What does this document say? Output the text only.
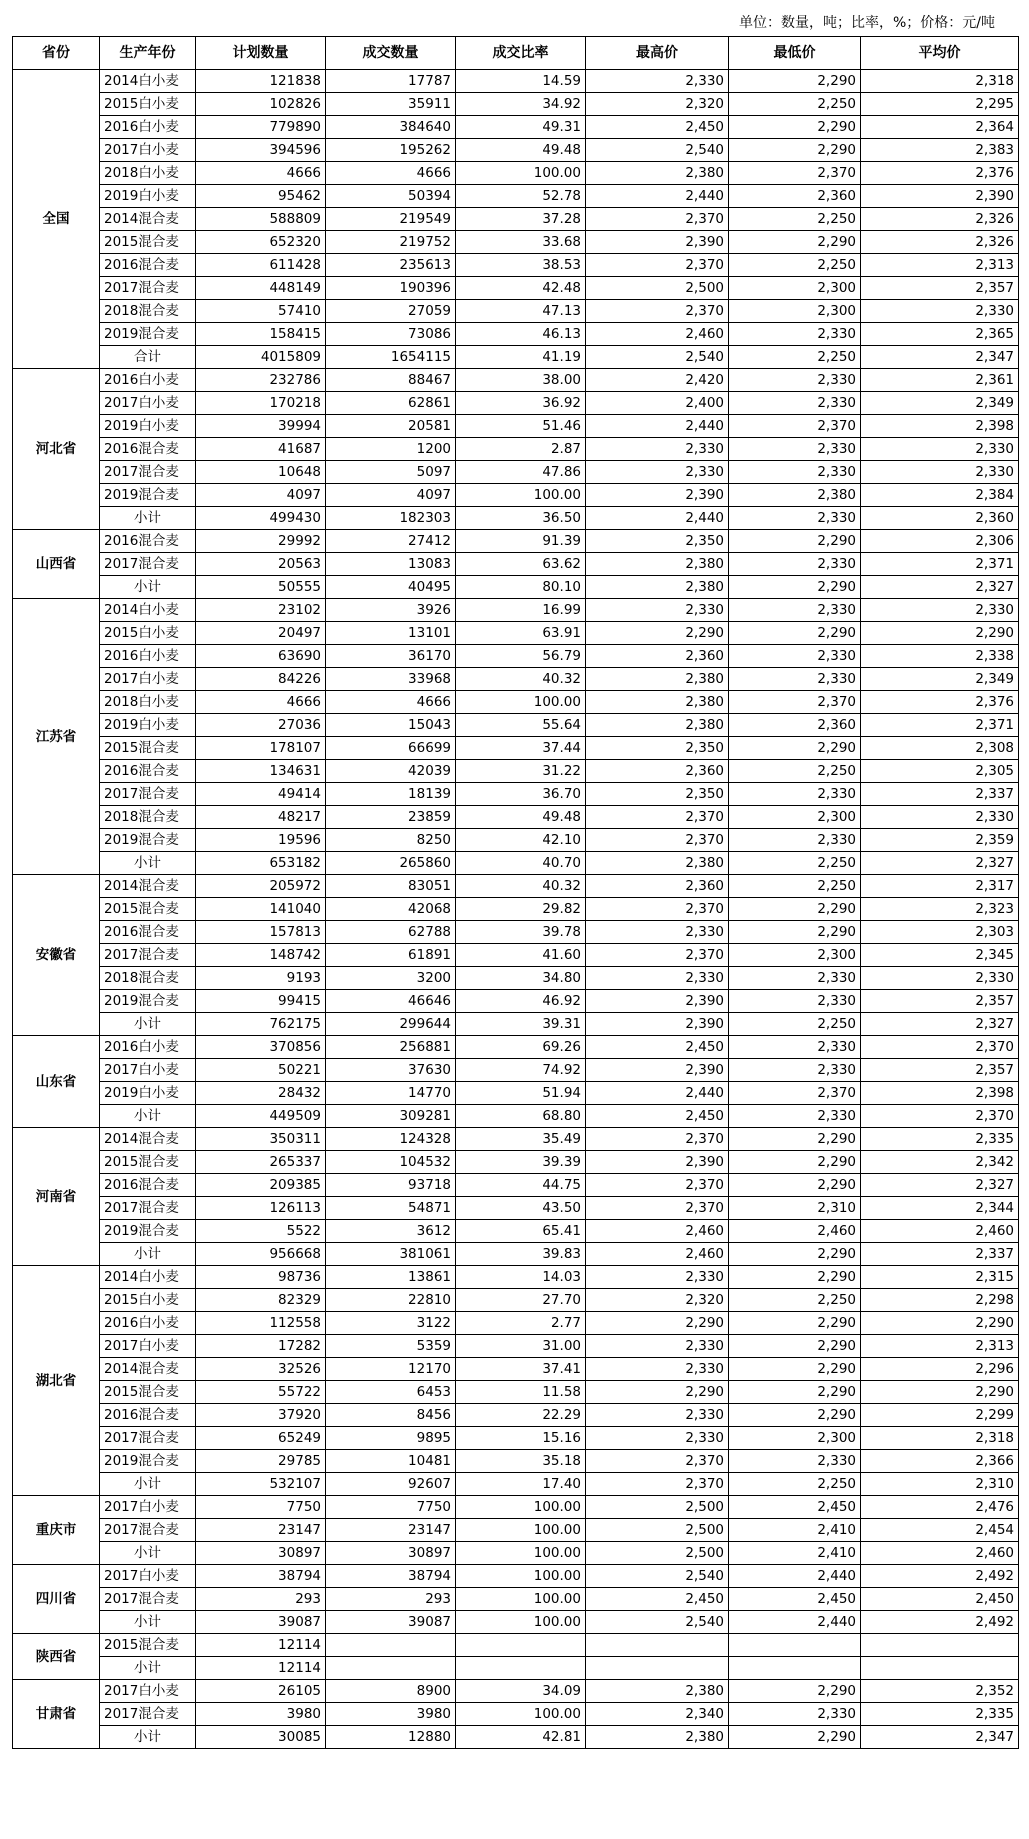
单位：数量，吨；比率，%；价格：元/吨
省份	生产年份	计划数量	成交数量	成交比率	最高价	最低价	平均价
全国	2014白小麦	121838	17787	14.59	2,330	2,290	2,318
	2015白小麦	102826	35911	34.92	2,320	2,250	2,295
	2016白小麦	779890	384640	49.31	2,450	2,290	2,364
	2017白小麦	394596	195262	49.48	2,540	2,290	2,383
	2018白小麦	4666	4666	100.00	2,380	2,370	2,376
	2019白小麦	95462	50394	52.78	2,440	2,360	2,390
	2014混合麦	588809	219549	37.28	2,370	2,250	2,326
	2015混合麦	652320	219752	33.68	2,390	2,290	2,326
	2016混合麦	611428	235613	38.53	2,370	2,250	2,313
	2017混合麦	448149	190396	42.48	2,500	2,300	2,357
	2018混合麦	57410	27059	47.13	2,370	2,300	2,330
	2019混合麦	158415	73086	46.13	2,460	2,330	2,365
	合计	4015809	1654115	41.19	2,540	2,250	2,347
河北省	2016白小麦	232786	88467	38.00	2,420	2,330	2,361
	2017白小麦	170218	62861	36.92	2,400	2,330	2,349
	2019白小麦	39994	20581	51.46	2,440	2,370	2,398
	2016混合麦	41687	1200	2.87	2,330	2,330	2,330
	2017混合麦	10648	5097	47.86	2,330	2,330	2,330
	2019混合麦	4097	4097	100.00	2,390	2,380	2,384
	小计	499430	182303	36.50	2,440	2,330	2,360
山西省	2016混合麦	29992	27412	91.39	2,350	2,290	2,306
	2017混合麦	20563	13083	63.62	2,380	2,330	2,371
	小计	50555	40495	80.10	2,380	2,290	2,327
江苏省	2014白小麦	23102	3926	16.99	2,330	2,330	2,330
	2015白小麦	20497	13101	63.91	2,290	2,290	2,290
	2016白小麦	63690	36170	56.79	2,360	2,330	2,338
	2017白小麦	84226	33968	40.32	2,380	2,330	2,349
	2018白小麦	4666	4666	100.00	2,380	2,370	2,376
	2019白小麦	27036	15043	55.64	2,380	2,360	2,371
	2015混合麦	178107	66699	37.44	2,350	2,290	2,308
	2016混合麦	134631	42039	31.22	2,360	2,250	2,305
	2017混合麦	49414	18139	36.70	2,350	2,330	2,337
	2018混合麦	48217	23859	49.48	2,370	2,300	2,330
	2019混合麦	19596	8250	42.10	2,370	2,330	2,359
	小计	653182	265860	40.70	2,380	2,250	2,327
安徽省	2014混合麦	205972	83051	40.32	2,360	2,250	2,317
	2015混合麦	141040	42068	29.82	2,370	2,290	2,323
	2016混合麦	157813	62788	39.78	2,330	2,290	2,303
	2017混合麦	148742	61891	41.60	2,370	2,300	2,345
	2018混合麦	9193	3200	34.80	2,330	2,330	2,330
	2019混合麦	99415	46646	46.92	2,390	2,330	2,357
	小计	762175	299644	39.31	2,390	2,250	2,327
山东省	2016白小麦	370856	256881	69.26	2,450	2,330	2,370
	2017白小麦	50221	37630	74.92	2,390	2,330	2,357
	2019白小麦	28432	14770	51.94	2,440	2,370	2,398
	小计	449509	309281	68.80	2,450	2,330	2,370
河南省	2014混合麦	350311	124328	35.49	2,370	2,290	2,335
	2015混合麦	265337	104532	39.39	2,390	2,290	2,342
	2016混合麦	209385	93718	44.75	2,370	2,290	2,327
	2017混合麦	126113	54871	43.50	2,370	2,310	2,344
	2019混合麦	5522	3612	65.41	2,460	2,460	2,460
	小计	956668	381061	39.83	2,460	2,290	2,337
湖北省	2014白小麦	98736	13861	14.03	2,330	2,290	2,315
	2015白小麦	82329	22810	27.70	2,320	2,250	2,298
	2016白小麦	112558	3122	2.77	2,290	2,290	2,290
	2017白小麦	17282	5359	31.00	2,330	2,290	2,313
	2014混合麦	32526	12170	37.41	2,330	2,290	2,296
	2015混合麦	55722	6453	11.58	2,290	2,290	2,290
	2016混合麦	37920	8456	22.29	2,330	2,290	2,299
	2017混合麦	65249	9895	15.16	2,330	2,300	2,318
	2019混合麦	29785	10481	35.18	2,370	2,330	2,366
	小计	532107	92607	17.40	2,370	2,250	2,310
重庆市	2017白小麦	7750	7750	100.00	2,500	2,450	2,476
	2017混合麦	23147	23147	100.00	2,500	2,410	2,454
	小计	30897	30897	100.00	2,500	2,410	2,460
四川省	2017白小麦	38794	38794	100.00	2,540	2,440	2,492
	2017混合麦	293	293	100.00	2,450	2,450	2,450
	小计	39087	39087	100.00	2,540	2,440	2,492
陕西省	2015混合麦	12114					
	小计	12114					
甘肃省	2017白小麦	26105	8900	34.09	2,380	2,290	2,352
	2017混合麦	3980	3980	100.00	2,340	2,330	2,335
	小计	30085	12880	42.81	2,380	2,290	2,347
